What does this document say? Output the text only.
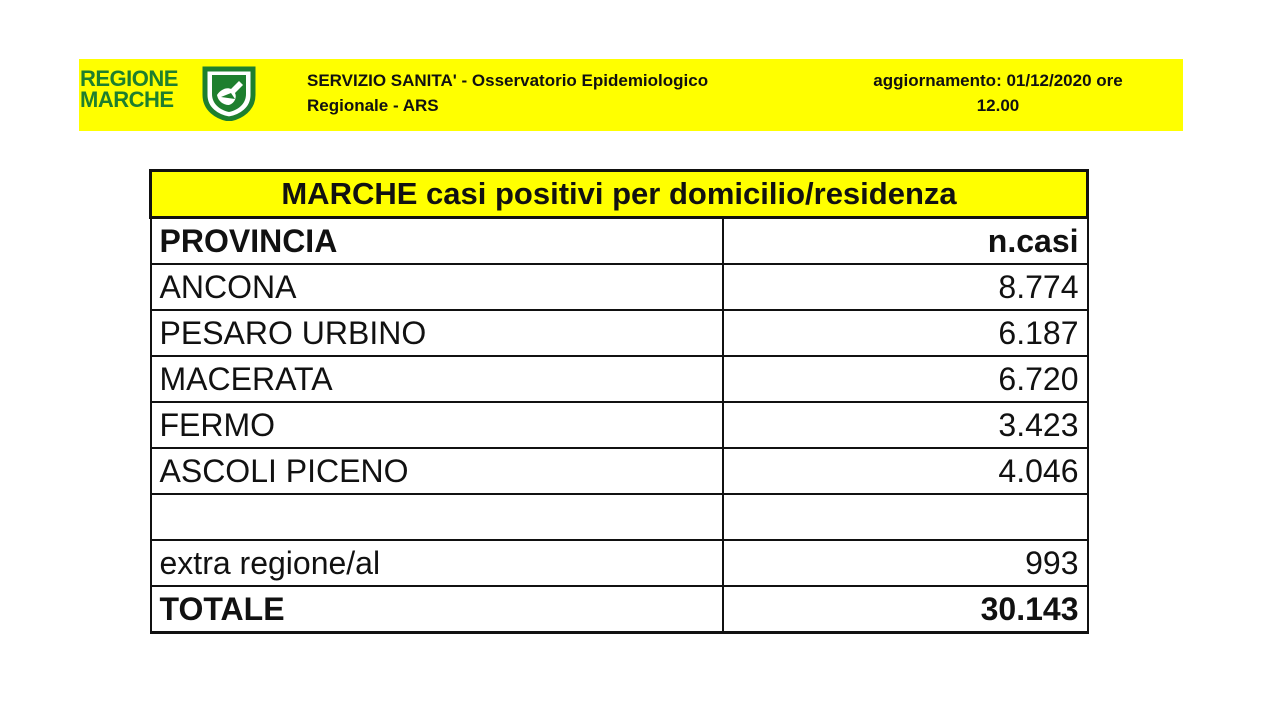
REGIONE
MARCHE
SERVIZIO SANITA' - Osservatorio Epidemiologico
Regionale - ARS
aggiornamento: 01/12/2020 ore
12.00
MARCHE casi positivi per domicilio/residenza	
PROVINCIA	n.casi
ANCONA	8.774
PESARO URBINO	6.187
MACERATA	6.720
FERMO	3.423
ASCOLI PICENO	4.046

extra regione/al	993
TOTALE	30.143
